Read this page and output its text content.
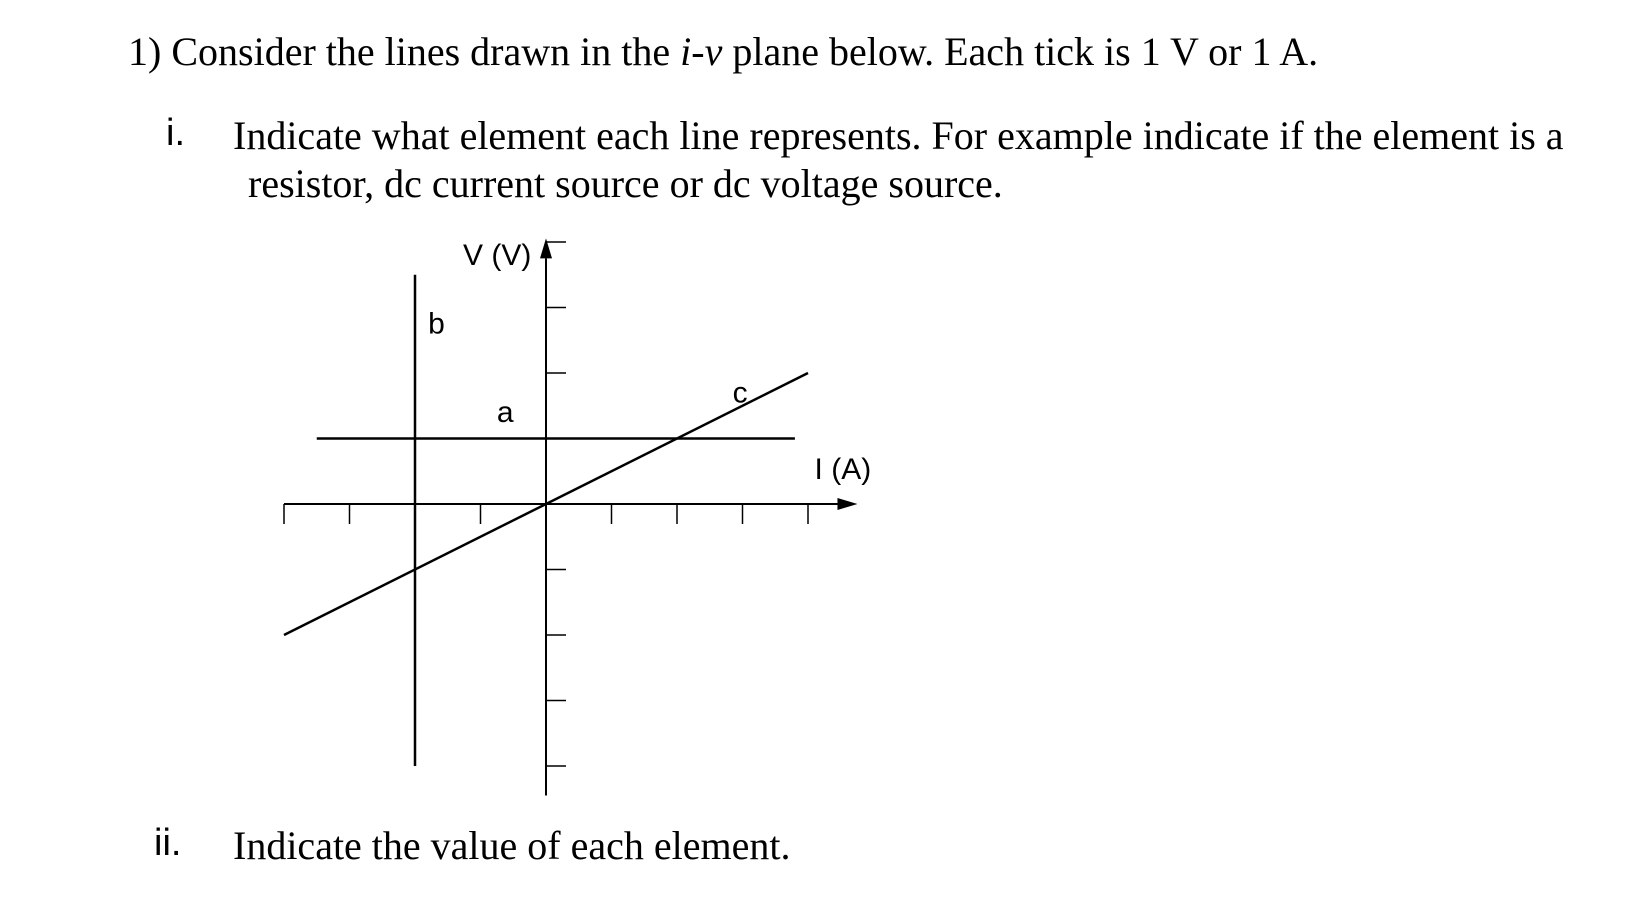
1) Consider the lines drawn in the i-v plane below. Each tick is 1 V or 1 A.
i. Indicate what element each line represents. For example indicate if the element is a
resistor, dc current source or dc voltage source.
V (V)
I (A)
a
b
c
ii. Indicate the value of each element.
